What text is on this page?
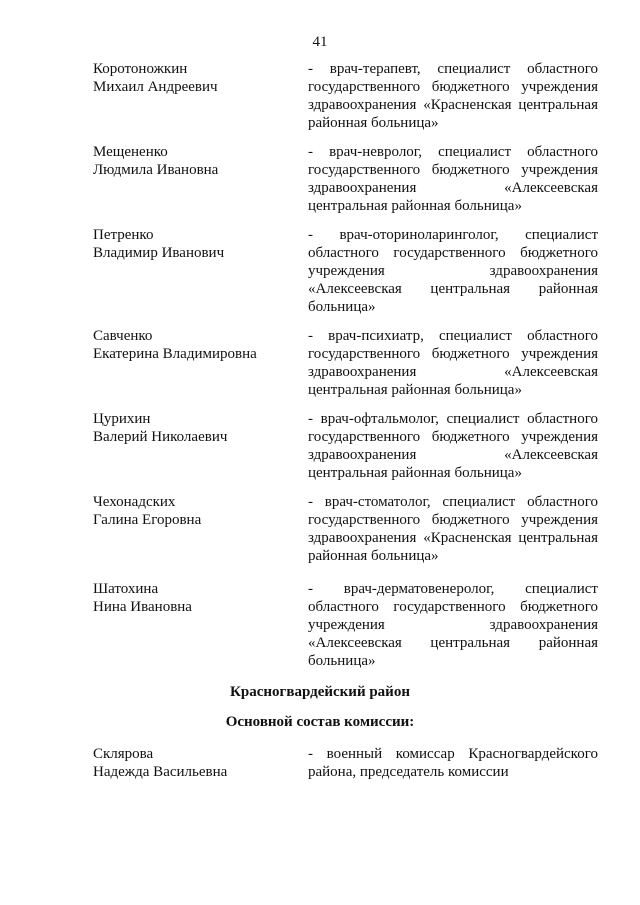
41
Коротоножкин
Михаил Андреевич
- врач-терапевт, специалист областного
государственного бюджетного учреждения
здравоохранения «Красненская центральная
районная больница»
Мещененко
Людмила Ивановна
- врач-невролог, специалист областного
государственного бюджетного учреждения
здравоохранения «Алексеевская
центральная районная больница»
Петренко
Владимир Иванович
- врач-оториноларинголог, специалист
областного государственного бюджетного
учреждения здравоохранения
«Алексеевская центральная районная
больница»
Савченко
Екатерина Владимировна
- врач-психиатр, специалист областного
государственного бюджетного учреждения
здравоохранения «Алексеевская
центральная районная больница»
Цурихин
Валерий Николаевич
- врач-офтальмолог, специалист областного
государственного бюджетного учреждения
здравоохранения «Алексеевская
центральная районная больница»
Чехонадских
Галина Егоровна
- врач-стоматолог, специалист областного
государственного бюджетного учреждения
здравоохранения «Красненская центральная
районная больница»
Шатохина
Нина Ивановна
- врач-дерматовенеролог, специалист
областного государственного бюджетного
учреждения здравоохранения
«Алексеевская центральная районная
больница»
Красногвардейский район
Основной состав комиссии:
Склярова
Надежда Васильевна
- военный комиссар Красногвардейского
района, председатель комиссии
